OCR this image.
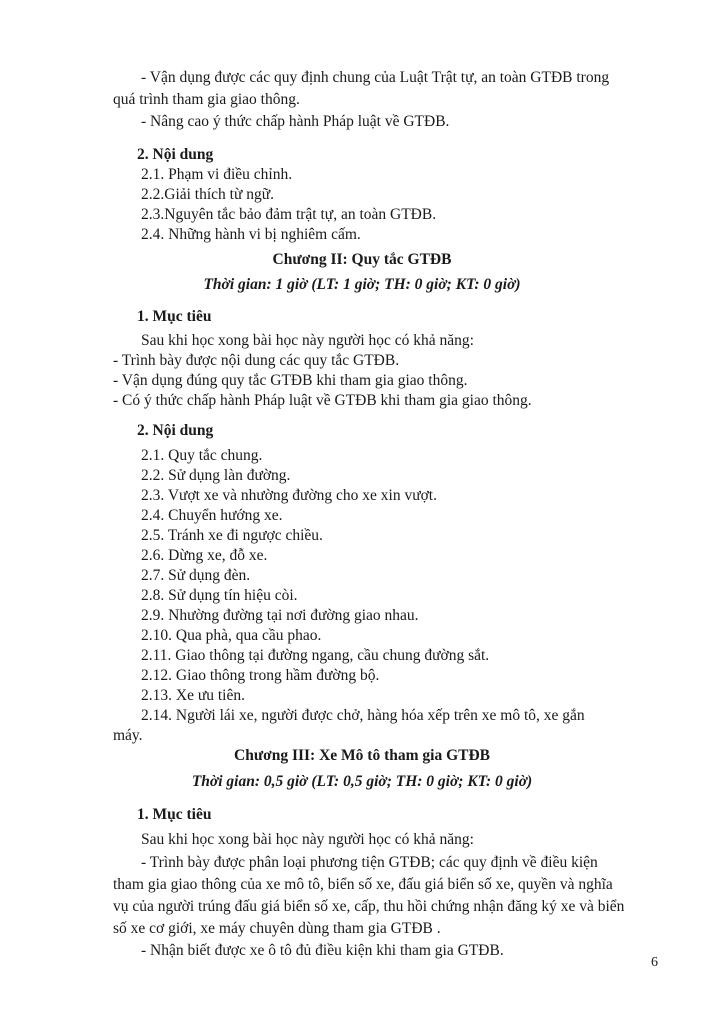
- Vận dụng được các quy định chung của Luật Trật tự, an toàn GTĐB trong
quá trình tham gia giao thông.
- Nâng cao ý thức chấp hành Pháp luật về GTĐB.
2. Nội dung
2.1. Phạm vi điều chỉnh.
2.2.Giải thích từ ngữ.
2.3.Nguyên tắc bảo đảm trật tự, an toàn GTĐB.
2.4. Những hành vi bị nghiêm cấm.
Chương II: Quy tắc GTĐB
Thời gian: 1 giờ (LT: 1 giờ; TH: 0 giờ; KT: 0 giờ)
1. Mục tiêu
Sau khi học xong bài học này người học có khả năng:
- Trình bày được nội dung các quy tắc GTĐB.
- Vận dụng đúng quy tắc GTĐB khi tham gia giao thông.
- Có ý thức chấp hành Pháp luật về GTĐB khi tham gia giao thông.
2. Nội dung
2.1. Quy tắc chung.
2.2. Sử dụng làn đường.
2.3. Vượt xe và nhường đường cho xe xin vượt.
2.4. Chuyển hướng xe.
2.5. Tránh xe đi ngược chiều.
2.6. Dừng xe, đỗ xe.
2.7. Sử dụng đèn.
2.8. Sử dụng tín hiệu còi.
2.9. Nhường đường tại nơi đường giao nhau.
2.10. Qua phà, qua cầu phao.
2.11. Giao thông tại đường ngang, cầu chung đường sắt.
2.12. Giao thông trong hầm đường bộ.
2.13. Xe ưu tiên.
2.14. Người lái xe, người được chở, hàng hóa xếp trên xe mô tô, xe gắn
máy.
Chương III: Xe Mô tô tham gia GTĐB
Thời gian: 0,5 giờ (LT: 0,5 giờ; TH: 0 giờ; KT: 0 giờ)
1. Mục tiêu
Sau khi học xong bài học này người học có khả năng:
- Trình bày được phân loại phương tiện GTĐB; các quy định về điều kiện
tham gia giao thông của xe mô tô, biển số xe, đấu giá biển số xe, quyền và nghĩa
vụ của người trúng đấu giá biển số xe, cấp, thu hồi chứng nhận đăng ký xe và biển
số xe cơ giới, xe máy chuyên dùng tham gia GTĐB .
- Nhận biết được xe ô tô đủ điều kiện khi tham gia GTĐB.
6
